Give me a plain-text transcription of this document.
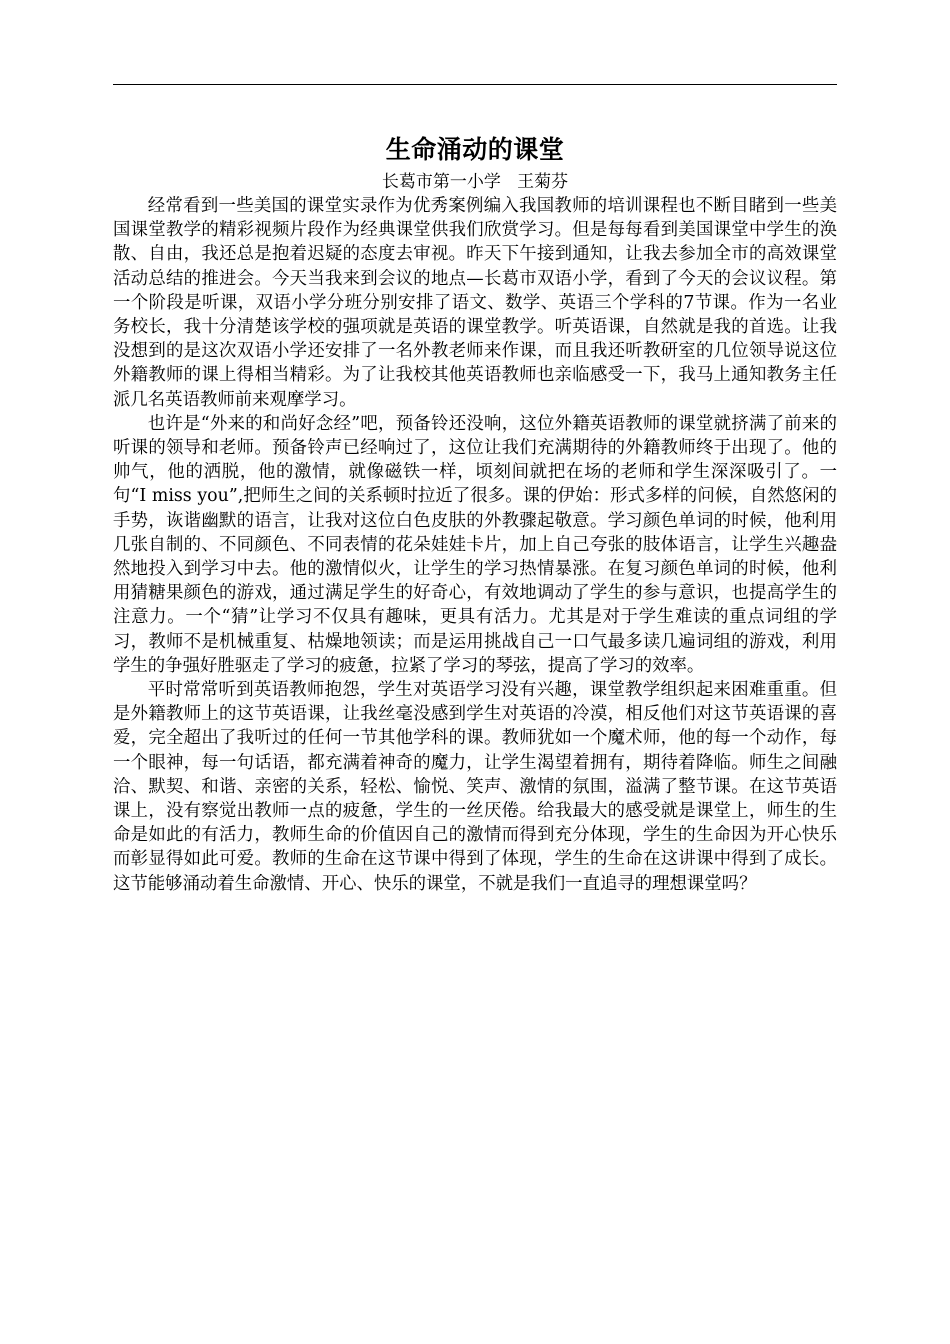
生命涌动的课堂

长葛市第一小学   王菊芬

经常看到一些美国的课堂实录作为优秀案例编入我国教师的培训课程也不断目睹到一些美国课堂教学的精彩视频片段作为经典课堂供我们欣赏学习。但是每每看到美国课堂中学生的涣散、自由，我还总是抱着迟疑的态度去审视。昨天下午接到通知，让我去参加全市的高效课堂活动总结的推进会。今天当我来到会议的地点—长葛市双语小学，看到了今天的会议议程。第一个阶段是听课，双语小学分班分别安排了语文、数学、英语三个学科的7节课。作为一名业务校长，我十分清楚该学校的强项就是英语的课堂教学。听英语课，自然就是我的首选。让我没想到的是这次双语小学还安排了一名外教老师来作课，而且我还听教研室的几位领导说这位外籍教师的课上得相当精彩。为了让我校其他英语教师也亲临感受一下，我马上通知教务主任派几名英语教师前来观摩学习。

也许是“外来的和尚好念经”吧，预备铃还没响，这位外籍英语教师的课堂就挤满了前来的听课的领导和老师。预备铃声已经响过了，这位让我们充满期待的外籍教师终于出现了。他的帅气，他的洒脱，他的激情，就像磁铁一样，顷刻间就把在场的老师和学生深深吸引了。一句“I miss you”,把师生之间的关系顿时拉近了很多。课的伊始：形式多样的问候，自然悠闲的手势，诙谐幽默的语言，让我对这位白色皮肤的外教骤起敬意。学习颜色单词的时候，他利用几张自制的、不同颜色、不同表情的花朵娃娃卡片，加上自己夸张的肢体语言，让学生兴趣盎然地投入到学习中去。他的激情似火，让学生的学习热情暴涨。在复习颜色单词的时候，他利用猜糖果颜色的游戏，通过满足学生的好奇心，有效地调动了学生的参与意识，也提高学生的注意力。一个“猜”让学习不仅具有趣味，更具有活力。尤其是对于学生难读的重点词组的学习，教师不是机械重复、枯燥地领读；而是运用挑战自己一口气最多读几遍词组的游戏，利用学生的争强好胜驱走了学习的疲惫，拉紧了学习的琴弦，提高了学习的效率。

平时常常听到英语教师抱怨，学生对英语学习没有兴趣，课堂教学组织起来困难重重。但是外籍教师上的这节英语课，让我丝毫没感到学生对英语的冷漠，相反他们对这节英语课的喜爱，完全超出了我听过的任何一节其他学科的课。教师犹如一个魔术师，他的每一个动作，每一个眼神，每一句话语，都充满着神奇的魔力，让学生渴望着拥有，期待着降临。师生之间融洽、默契、和谐、亲密的关系，轻松、愉悦、笑声、激情的氛围，溢满了整节课。在这节英语课上，没有察觉出教师一点的疲惫，学生的一丝厌倦。给我最大的感受就是课堂上，师生的生命是如此的有活力，教师生命的价值因自己的激情而得到充分体现，学生的生命因为开心快乐而彰显得如此可爱。教师的生命在这节课中得到了体现，学生的生命在这讲课中得到了成长。这节能够涌动着生命激情、开心、快乐的课堂，不就是我们一直追寻的理想课堂吗？
